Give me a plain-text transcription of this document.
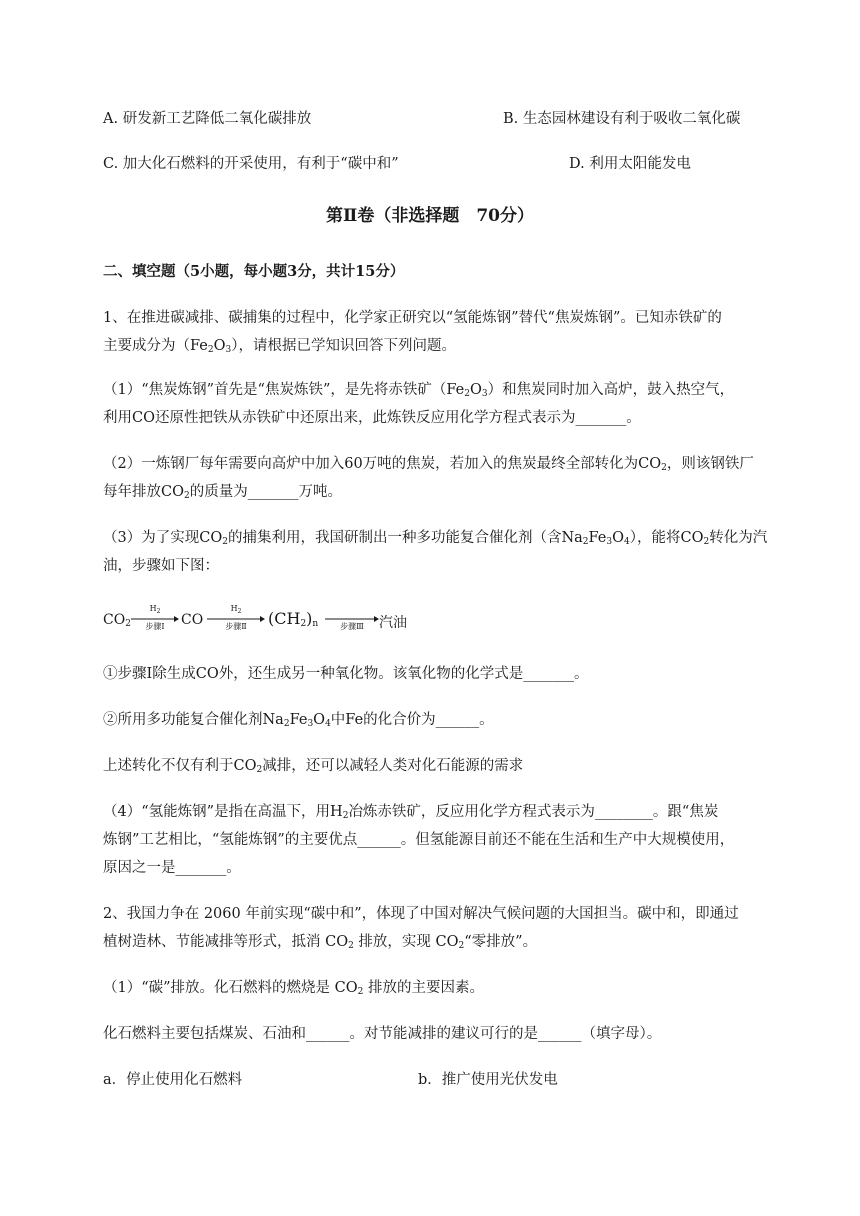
A. 研发新工艺降低二氧化碳排放	B. 生态园林建设有利于吸收二氧化碳
C. 加大化石燃料的开采使用，有利于“碳中和”	D. 利用太阳能发电
第Ⅱ卷（非选择题　70分）
二、填空题（5小题，每小题3分，共计15分）
1、在推进碳减排、碳捕集的过程中，化学家正研究以“氢能炼钢”替代“焦炭炼钢”。已知赤铁矿的
主要成分为$(Fe_2O_3)$，请根据已学知识回答下列问题。
（1）“焦炭炼钢”首先是“焦炭炼铁”，是先将赤铁矿$(Fe_2O_3)$和焦炭同时加入高炉，鼓入热空气，
利用CO还原性把铁从赤铁矿中还原出来，此炼铁反应用化学方程式表示为_______。
（2）一炼钢厂每年需要向高炉中加入60万吨的焦炭，若加入的焦炭最终全部转化为$CO_2$，则该钢铁厂
每年排放$CO_2$的质量为_______万吨。
（3）为了实现$CO_2$的捕集利用，我国研制出一种多功能复合催化剂（含$Na_2Fe_3O_4$），能将$CO_2$转化为汽
油，步骤如下图：
$CO_2$
$H_2$
步骤Ⅰ	CO
$H_2$
步骤Ⅱ	$(CH_2)_n$	步骤Ⅲ	汽油
①步骤Ⅰ除生成CO外，还生成另一种氧化物。该氧化物的化学式是_______。
②所用多功能复合催化剂$Na_2Fe_3O_4$中Fe的化合价为______。
上述转化不仅有利于$CO_2$减排，还可以减轻人类对化石能源的需求
（4）“氢能炼钢”是指在高温下，用$H_2$冶炼赤铁矿，反应用化学方程式表示为________。跟“焦炭
炼钢”工艺相比，“氢能炼钢”的主要优点______。但氢能源目前还不能在生活和生产中大规模使用，
原因之一是_______。
2、我国力争在 2060 年前实现“碳中和”，体现了中国对解决气候问题的大国担当。碳中和，即通过
植树造林、节能减排等形式，抵消 $CO_2$ 排放，实现 $CO_2“$零排放”。
（1）“碳”排放。化石燃料的燃烧是 $CO_2$ 排放的主要因素。
化石燃料主要包括煤炭、石油和______。对节能减排的建议可行的是______（填字母）。
a．停止使用化石燃料	b．推广使用光伏发电
